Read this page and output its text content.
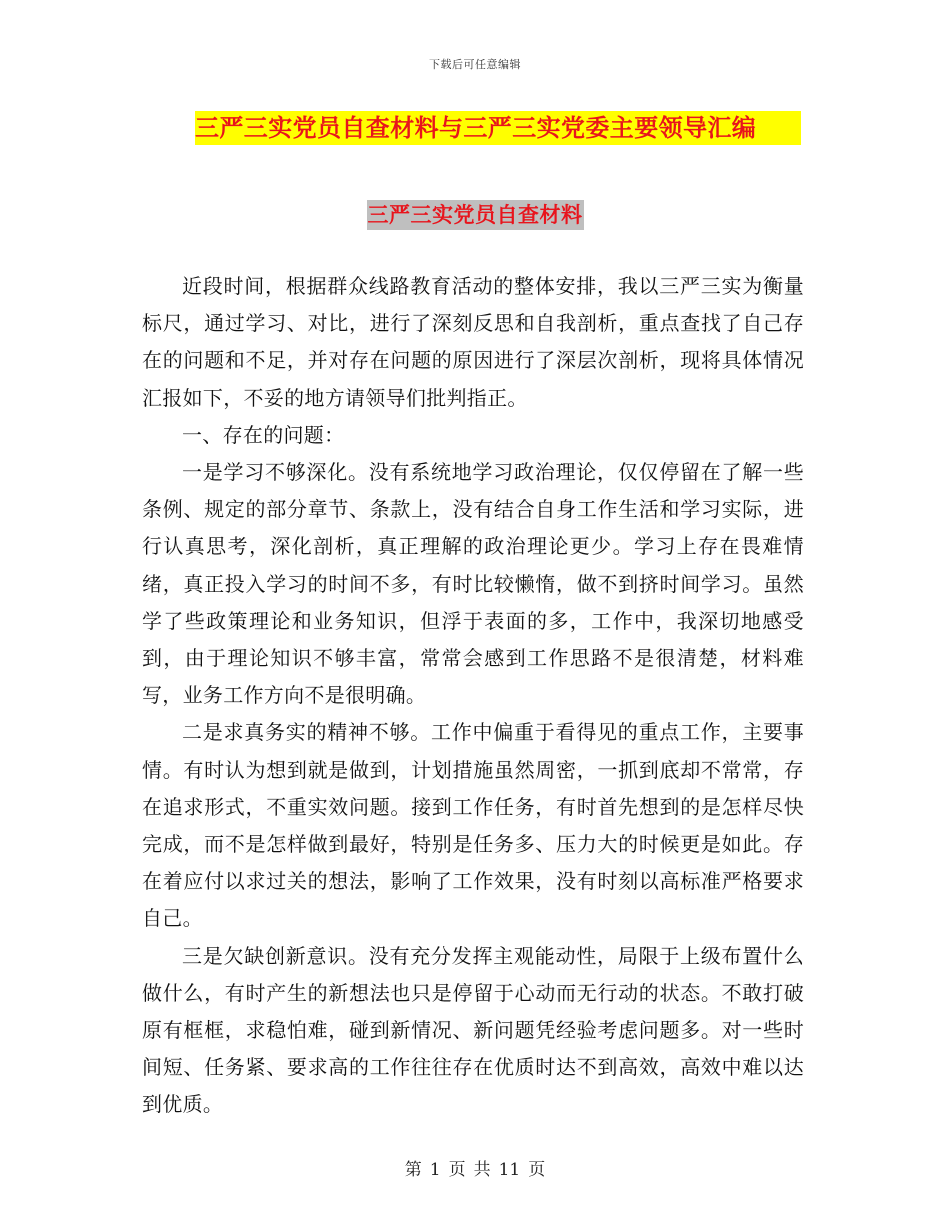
下载后可任意编辑
三严三实党员自查材料与三严三实党委主要领导汇编
三严三实党员自查材料

近段时间，根据群众线路教育活动的整体安排，我以三严三实为衡量标尺，通过学习、对比，进行了深刻反思和自我剖析，重点查找了自己存在的问题和不足，并对存在问题的原因进行了深层次剖析，现将具体情况汇报如下，不妥的地方请领导们批判指正。

一、存在的问题：

一是学习不够深化。没有系统地学习政治理论，仅仅停留在了解一些条例、规定的部分章节、条款上，没有结合自身工作生活和学习实际，进行认真思考，深化剖析，真正理解的政治理论更少。学习上存在畏难情绪，真正投入学习的时间不多，有时比较懒惰，做不到挤时间学习。虽然学了些政策理论和业务知识，但浮于表面的多，工作中，我深切地感受到，由于理论知识不够丰富，常常会感到工作思路不是很清楚，材料难写，业务工作方向不是很明确。

二是求真务实的精神不够。工作中偏重于看得见的重点工作，主要事情。有时认为想到就是做到，计划措施虽然周密，一抓到底却不常常，存在追求形式，不重实效问题。接到工作任务，有时首先想到的是怎样尽快完成，而不是怎样做到最好，特别是任务多、压力大的时候更是如此。存在着应付以求过关的想法，影响了工作效果，没有时刻以高标准严格要求自己。

三是欠缺创新意识。没有充分发挥主观能动性，局限于上级布置什么做什么，有时产生的新想法也只是停留于心动而无行动的状态。不敢打破原有框框，求稳怕难，碰到新情况、新问题凭经验考虑问题多。对一些时间短、任务紧、要求高的工作往往存在优质时达不到高效，高效中难以达到优质。

第 1 页 共 11 页
